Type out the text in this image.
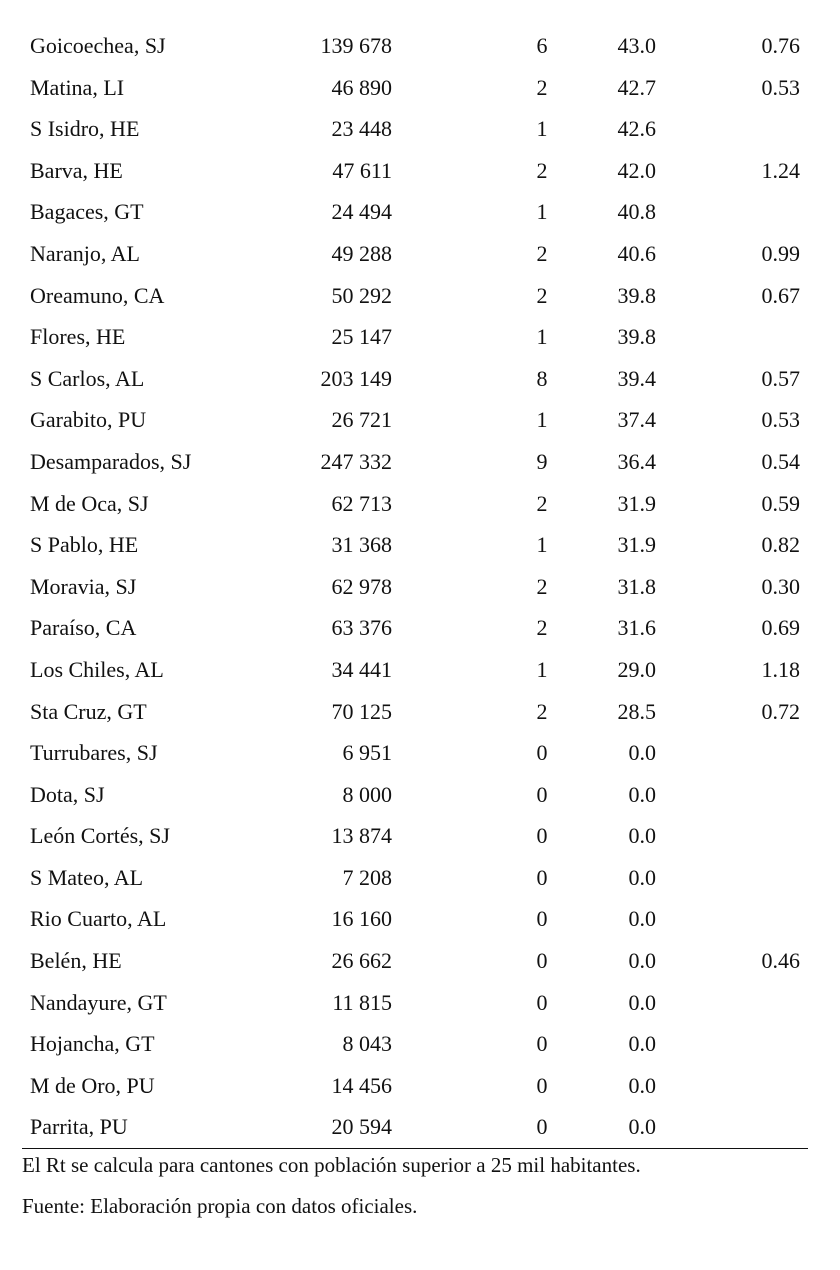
Goicoechea, SJ	139 678	6	43.0	0.76
Matina, LI	46 890	2	42.7	0.53
S Isidro, HE	23 448	1	42.6	
Barva, HE	47 611	2	42.0	1.24
Bagaces, GT	24 494	1	40.8	
Naranjo, AL	49 288	2	40.6	0.99
Oreamuno, CA	50 292	2	39.8	0.67
Flores, HE	25 147	1	39.8	
S Carlos, AL	203 149	8	39.4	0.57
Garabito, PU	26 721	1	37.4	0.53
Desamparados, SJ	247 332	9	36.4	0.54
M de Oca, SJ	62 713	2	31.9	0.59
S Pablo, HE	31 368	1	31.9	0.82
Moravia, SJ	62 978	2	31.8	0.30
Paraíso, CA	63 376	2	31.6	0.69
Los Chiles, AL	34 441	1	29.0	1.18
Sta Cruz, GT	70 125	2	28.5	0.72
Turrubares, SJ	6 951	0	0.0	
Dota, SJ	8 000	0	0.0	
León Cortés, SJ	13 874	0	0.0	
S Mateo, AL	7 208	0	0.0	
Rio Cuarto, AL	16 160	0	0.0	
Belén, HE	26 662	0	0.0	0.46
Nandayure, GT	11 815	0	0.0	
Hojancha, GT	8 043	0	0.0	
M de Oro, PU	14 456	0	0.0	
Parrita, PU	20 594	0	0.0	
El Rt se calcula para cantones con población superior a 25 mil habitantes.
Fuente: Elaboración propia con datos oficiales.
